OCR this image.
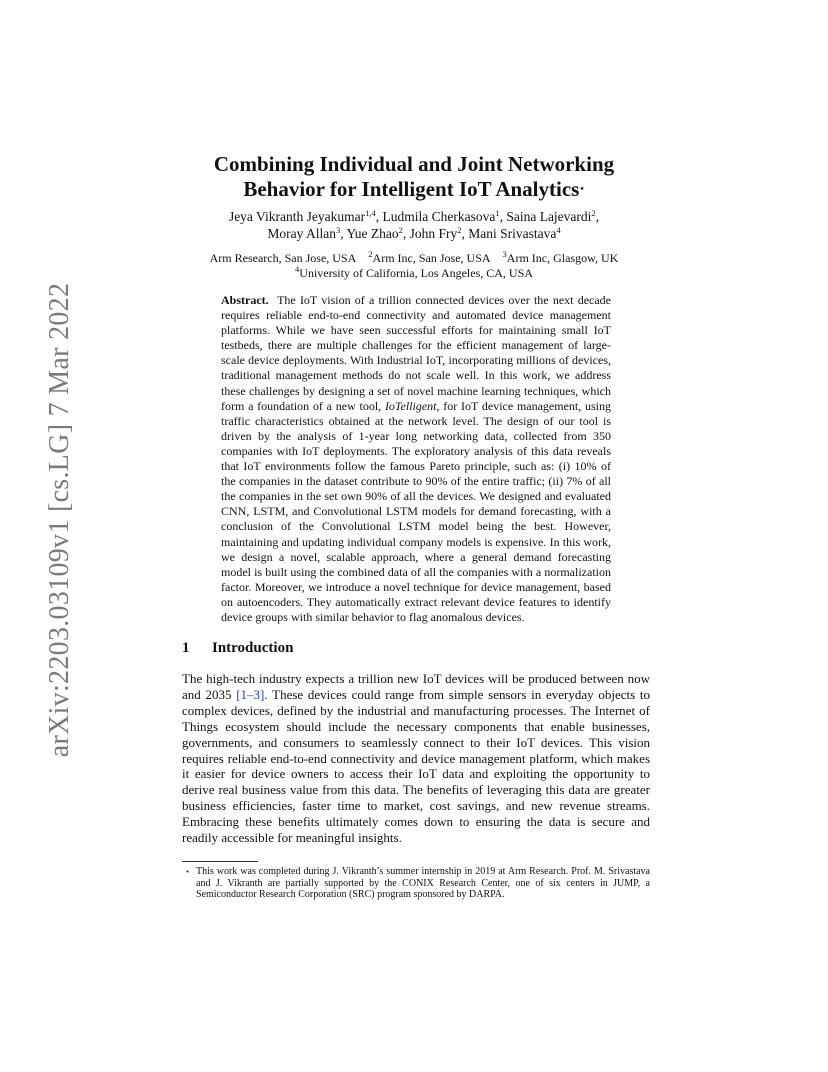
arXiv:2203.03109v1 [cs.LG] 7 Mar 2022
Combining Individual and Joint Networking
Behavior for Intelligent IoT Analytics⋆
Jeya Vikranth Jeyakumar$^{1,4}$, Ludmila Cherkasova$^1$, Saina Lajevardi$^2$,
Moray Allan$^3$, Yue Zhao$^2$, John Fry$^2$, Mani Srivastava$^4$
Arm Research, San Jose, USA $^2$Arm Inc, San Jose, USA $^3$Arm Inc, Glasgow, UK
$^4$University of California, Los Angeles, CA, USA
Abstract. The IoT vision of a trillion connected devices over the next decade requires reliable end-to-end connectivity and automated device management platforms. While we have seen successful efforts for maintaining small IoT testbeds, there are multiple challenges for the efficient management of large-scale device deployments. With Industrial IoT, incorporating millions of devices, traditional management methods do not scale well. In this work, we address these challenges by designing a set of novel machine learning techniques, which form a foundation of a new tool, IoTelligent, for IoT device management, using traffic characteristics obtained at the network level. The design of our tool is driven by the analysis of 1-year long networking data, collected from 350 companies with IoT deployments. The exploratory analysis of this data reveals that IoT environments follow the famous Pareto principle, such as: (i) 10% of the companies in the dataset contribute to 90% of the entire traffic; (ii) 7% of all the companies in the set own 90% of all the devices. We designed and evaluated CNN, LSTM, and Convolutional LSTM models for demand forecasting, with a conclusion of the Convolutional LSTM model being the best. However, maintaining and updating individual company models is expensive. In this work, we design a novel, scalable approach, where a general demand forecasting model is built using the combined data of all the companies with a normalization factor. Moreover, we introduce a novel technique for device management, based on autoencoders. They automatically extract relevant device features to identify device groups with similar behavior to flag anomalous devices.
1 Introduction
The high-tech industry expects a trillion new IoT devices will be produced between now and 2035 [1–3]. These devices could range from simple sensors in everyday objects to complex devices, defined by the industrial and manufacturing processes. The Internet of Things ecosystem should include the necessary components that enable businesses, governments, and consumers to seamlessly connect to their IoT devices. This vision requires reliable end-to-end connectivity and device management platform, which makes it easier for device owners to access their IoT data and exploiting the opportunity to derive real business value from this data. The benefits of leveraging this data are greater business efficiencies, faster time to market, cost savings, and new revenue streams. Embracing these benefits ultimately comes down to ensuring the data is secure and readily accessible for meaningful insights.
⋆ This work was completed during J. Vikranth’s summer internship in 2019 at Arm Research. Prof. M. Srivastava and J. Vikranth are partially supported by the CONIX Research Center, one of six centers in JUMP, a Semiconductor Research Corporation (SRC) program sponsored by DARPA.
